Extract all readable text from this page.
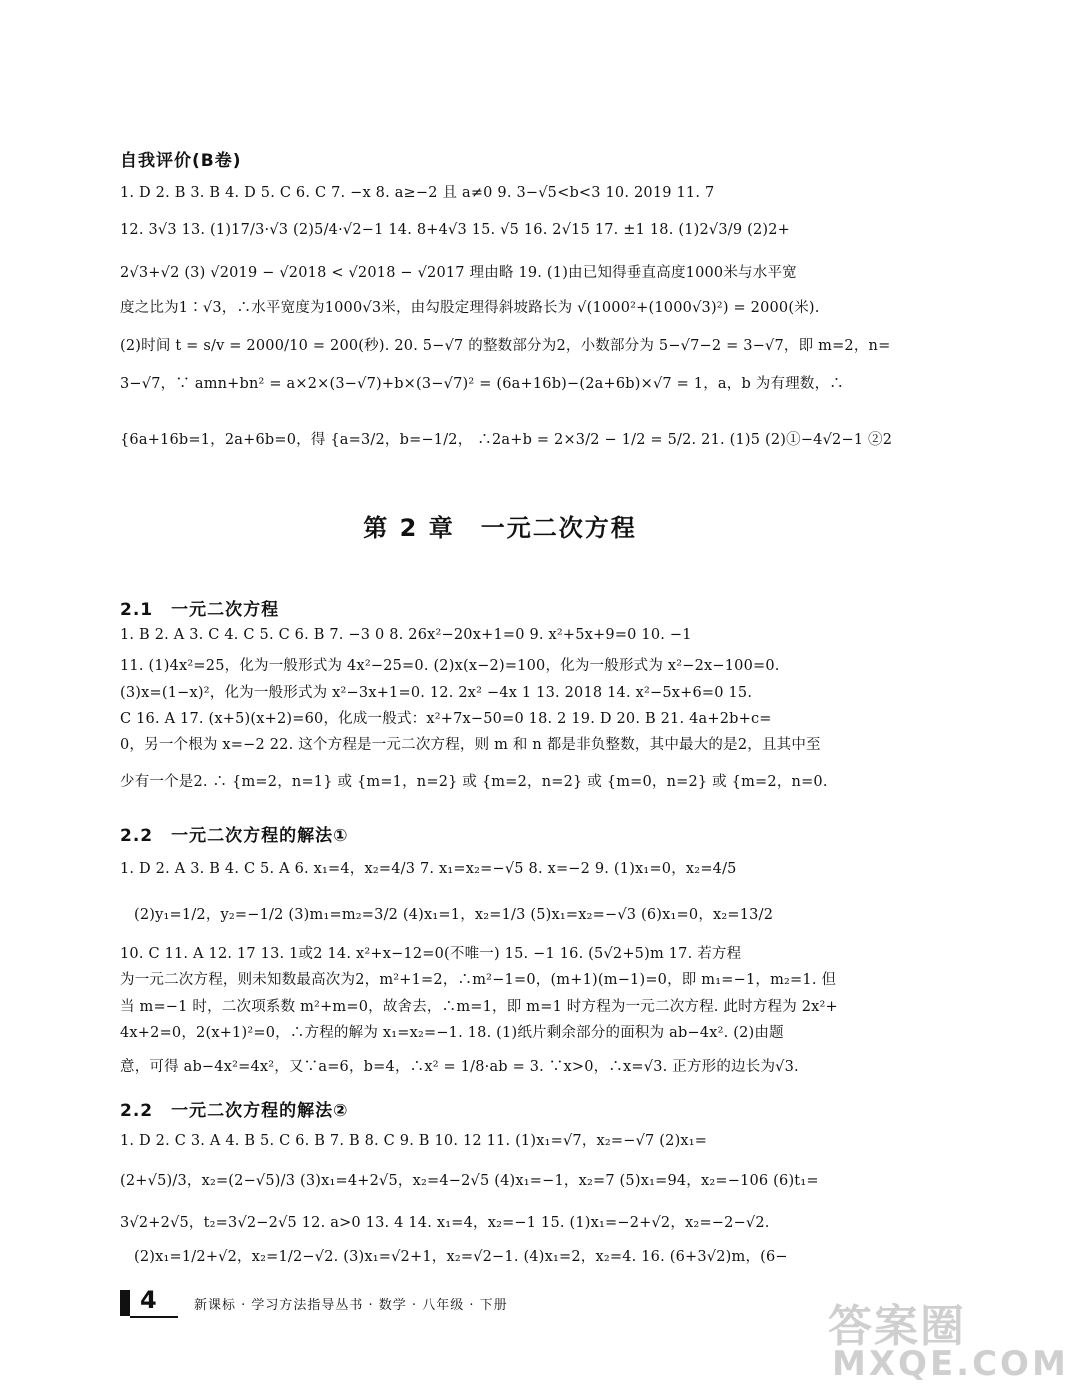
自我评价(B卷)
1. D 2. B 3. B 4. D 5. C 6. C 7. −x 8. a≥−2 且 a≠0 9. 3−√5<b<3 10. 2019 11. 7
12. 3√3 13. (1)17/3·√3 (2)5/4·√2−1 14. 8+4√3 15. √5 16. 2√15 17. ±1 18. (1)2√3/9 (2)2+
2√3+√2 (3) √2019 − √2018 < √2018 − √2017 理由略 19. (1)由已知得垂直高度1000米与水平宽
度之比为1∶√3，∴水平宽度为1000√3米，由勾股定理得斜坡路长为 √(1000²+(1000√3)²) = 2000(米).
(2)时间 t = s/v = 2000/10 = 200(秒). 20. 5−√7 的整数部分为2，小数部分为 5−√7−2 = 3−√7，即 m=2，n=
3−√7，∵ amn+bn² = a×2×(3−√7)+b×(3−√7)² = (6a+16b)−(2a+6b)×√7 = 1，a，b 为有理数，∴
{6a+16b=1，2a+6b=0，得 {a=3/2，b=−1/2， ∴2a+b = 2×3/2 − 1/2 = 5/2. 21. (1)5 (2)①−4√2−1 ②2
第 2 章　一元二次方程
2.1　一元二次方程
1. B 2. A 3. C 4. C 5. C 6. B 7. −3 0 8. 26x²−20x+1=0 9. x²+5x+9=0 10. −1
11. (1)4x²=25，化为一般形式为 4x²−25=0. (2)x(x−2)=100，化为一般形式为 x²−2x−100=0.
(3)x=(1−x)²，化为一般形式为 x²−3x+1=0. 12. 2x² −4x 1 13. 2018 14. x²−5x+6=0 15.
C 16. A 17. (x+5)(x+2)=60，化成一般式：x²+7x−50=0 18. 2 19. D 20. B 21. 4a+2b+c=
0，另一个根为 x=−2 22. 这个方程是一元二次方程，则 m 和 n 都是非负整数，其中最大的是2，且其中至
少有一个是2. ∴ {m=2，n=1} 或 {m=1，n=2} 或 {m=2，n=2} 或 {m=0，n=2} 或 {m=2，n=0.
2.2　一元二次方程的解法①
1. D 2. A 3. B 4. C 5. A 6. x₁=4，x₂=4/3 7. x₁=x₂=−√5 8. x=−2 9. (1)x₁=0，x₂=4/5
(2)y₁=1/2，y₂=−1/2 (3)m₁=m₂=3/2 (4)x₁=1，x₂=1/3 (5)x₁=x₂=−√3 (6)x₁=0，x₂=13/2
10. C 11. A 12. 17 13. 1或2 14. x²+x−12=0(不唯一) 15. −1 16. (5√2+5)m 17. 若方程
为一元二次方程，则未知数最高次为2，m²+1=2，∴m²−1=0，(m+1)(m−1)=0，即 m₁=−1，m₂=1. 但
当 m=−1 时，二次项系数 m²+m=0，故舍去，∴m=1，即 m=1 时方程为一元二次方程. 此时方程为 2x²+
4x+2=0，2(x+1)²=0，∴方程的解为 x₁=x₂=−1. 18. (1)纸片剩余部分的面积为 ab−4x². (2)由题
意，可得 ab−4x²=4x²，又∵a=6，b=4，∴x² = 1/8·ab = 3. ∵x>0，∴x=√3. 正方形的边长为√3.
2.2　一元二次方程的解法②
1. D 2. C 3. A 4. B 5. C 6. B 7. B 8. C 9. B 10. 12 11. (1)x₁=√7，x₂=−√7 (2)x₁=
(2+√5)/3，x₂=(2−√5)/3 (3)x₁=4+2√5，x₂=4−2√5 (4)x₁=−1，x₂=7 (5)x₁=94，x₂=−106 (6)t₁=
3√2+2√5，t₂=3√2−2√5 12. a>0 13. 4 14. x₁=4，x₂=−1 15. (1)x₁=−2+√2，x₂=−2−√2.
(2)x₁=1/2+√2，x₂=1/2−√2. (3)x₁=√2+1，x₂=√2−1. (4)x₁=2，x₂=4. 16. (6+3√2)m，(6−
4	新课标 · 学习方法指导丛书 · 数学 · 八年级 · 下册	答案圈
MXQE.COM
